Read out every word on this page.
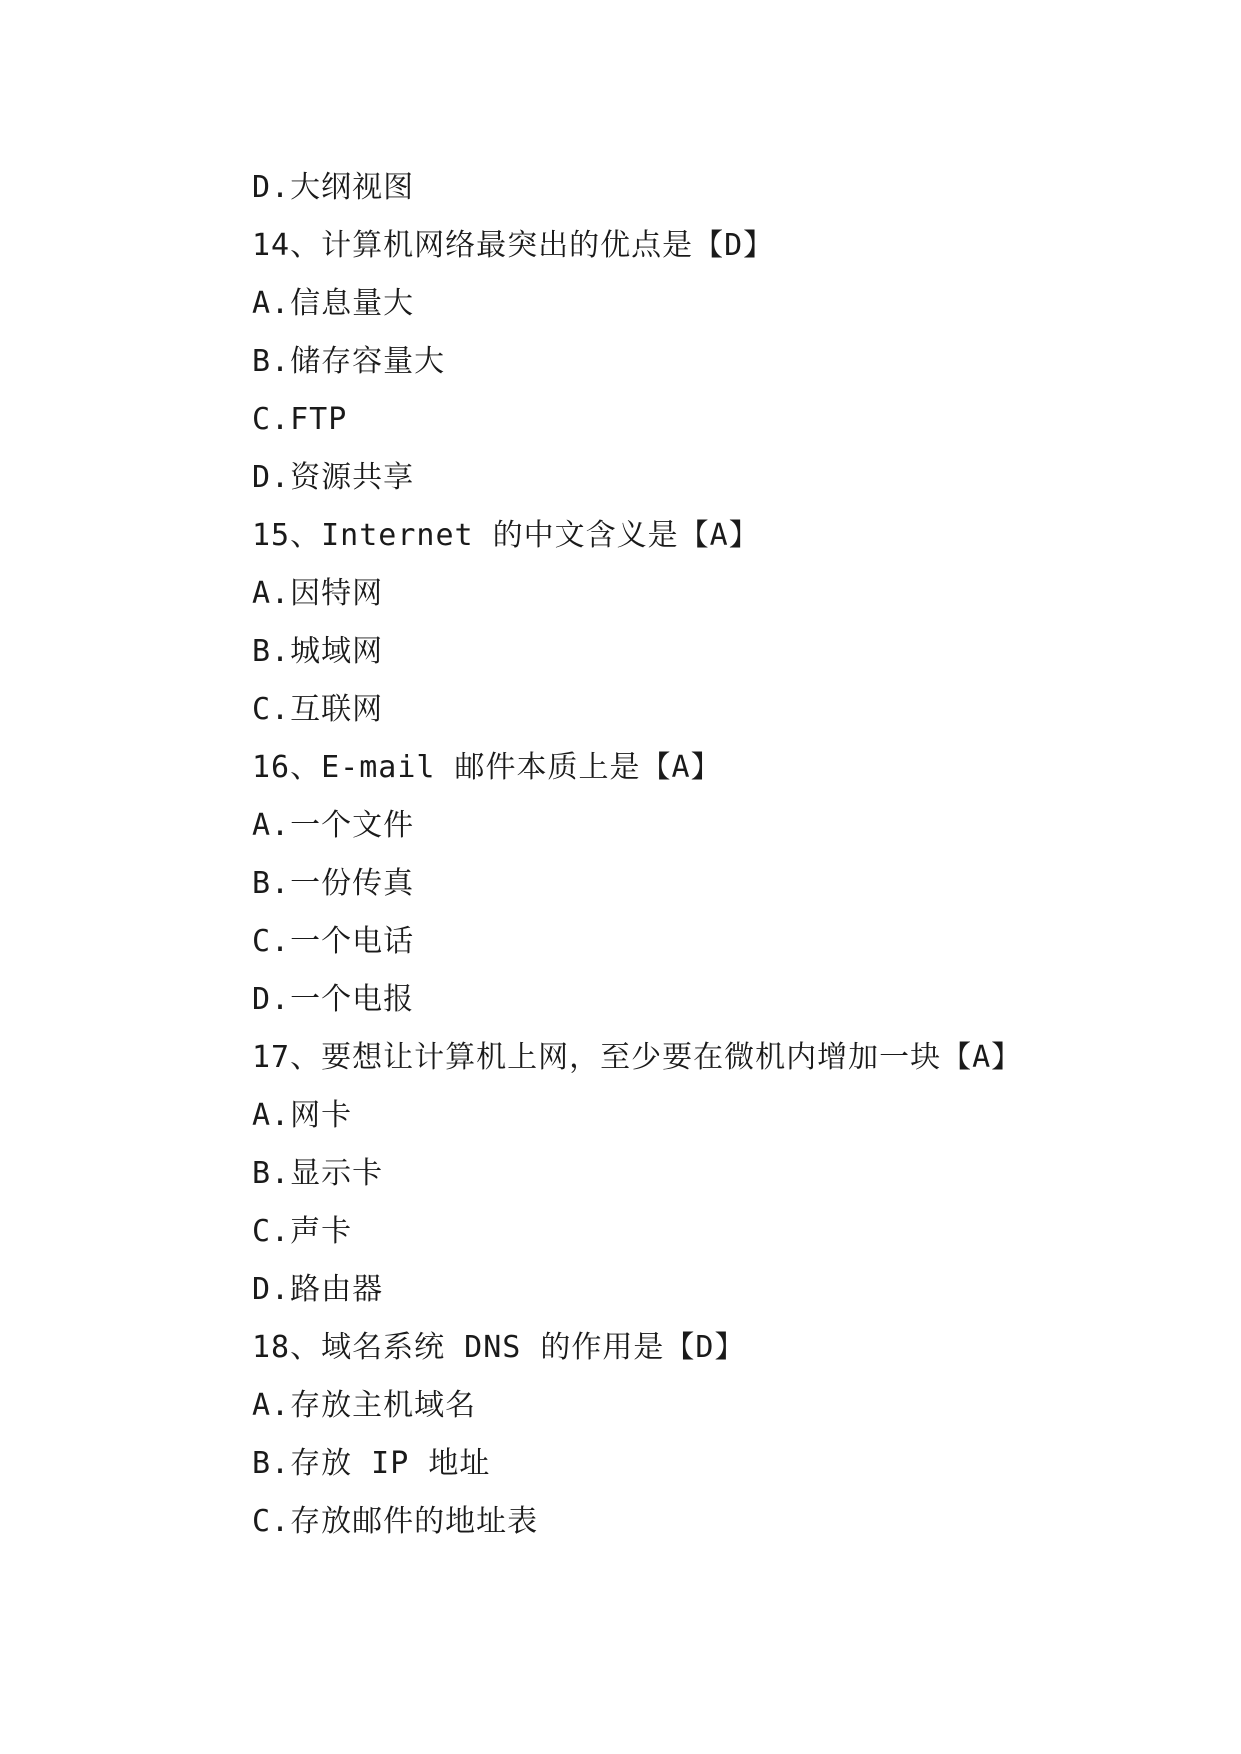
D.大纲视图
14、计算机网络最突出的优点是【D】
A.信息量大
B.储存容量大
C.FTP
D.资源共享
15、Internet 的中文含义是【A】
A.因特网
B.城域网
C.互联网
16、E-mail 邮件本质上是【A】
A.一个文件
B.一份传真
C.一个电话
D.一个电报
17、要想让计算机上网，至少要在微机内增加一块【A】
A.网卡
B.显示卡
C.声卡
D.路由器
18、域名系统 DNS 的作用是【D】
A.存放主机域名
B.存放 IP 地址
C.存放邮件的地址表
